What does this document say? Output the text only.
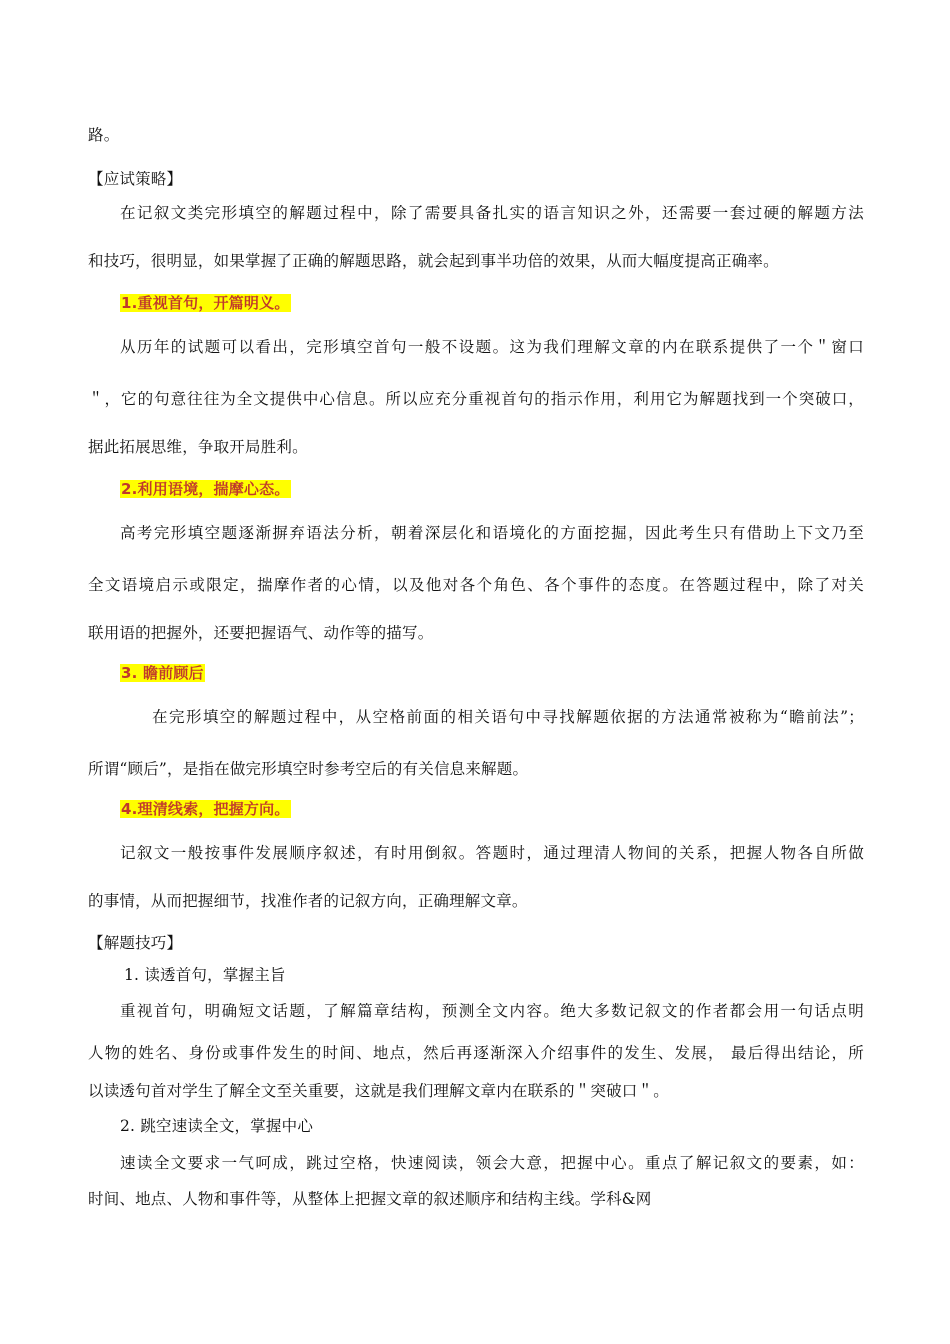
路。
【应试策略】
在记叙文类完形填空的解题过程中，除了需要具备扎实的语言知识之外，还需要一套过硬的解题方法
和技巧，很明显，如果掌握了正确的解题思路，就会起到事半功倍的效果，从而大幅度提高正确率。
1.重视首句，开篇明义。
从历年的试题可以看出，完形填空首句一般不设题。这为我们理解文章的内在联系提供了一个＂窗口
＂，它的句意往往为全文提供中心信息。所以应充分重视首句的指示作用，利用它为解题找到一个突破口，
据此拓展思维，争取开局胜利。
2.利用语境，揣摩心态。
高考完形填空题逐渐摒弃语法分析，朝着深层化和语境化的方面挖掘，因此考生只有借助上下文乃至
全文语境启示或限定，揣摩作者的心情，以及他对各个角色、各个事件的态度。在答题过程中，除了对关
联用语的把握外，还要把握语气、动作等的描写。
3. 瞻前顾后
在完形填空的解题过程中，从空格前面的相关语句中寻找解题依据的方法通常被称为“瞻前法”；
所谓“顾后”，是指在做完形填空时参考空后的有关信息来解题。
4.理清线索，把握方向。
记叙文一般按事件发展顺序叙述，有时用倒叙。答题时，通过理清人物间的关系，把握人物各自所做
的事情，从而把握细节，找准作者的记叙方向，正确理解文章。
【解题技巧】
1. 读透首句，掌握主旨
重视首句，明确短文话题，了解篇章结构，预测全文内容。绝大多数记叙文的作者都会用一句话点明
人物的姓名、身份或事件发生的时间、地点，然后再逐渐深入介绍事件的发生、发展， 最后得出结论，所
以读透句首对学生了解全文至关重要，这就是我们理解文章内在联系的＂突破口＂。
2. 跳空速读全文，掌握中心
速读全文要求一气呵成，跳过空格，快速阅读，领会大意，把握中心。重点了解记叙文的要素，如：
时间、地点、人物和事件等，从整体上把握文章的叙述顺序和结构主线。学科&网
